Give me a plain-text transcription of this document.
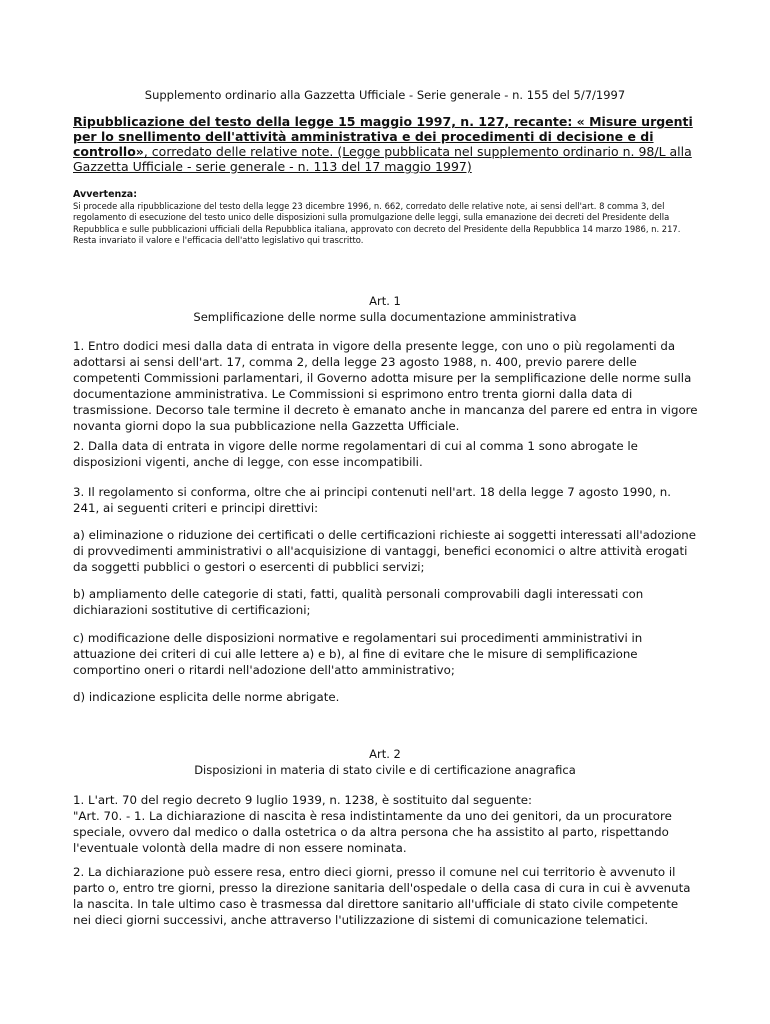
Supplemento ordinario alla Gazzetta Ufficiale - Serie generale - n. 155 del 5/7/1997
Ripubblicazione del testo della legge 15 maggio 1997, n. 127, recante: « Misure urgenti per lo snellimento dell'attività amministrativa e dei procedimenti di decisione e di controllo», corredato delle relative note. (Legge pubblicata nel supplemento ordinario n. 98/L alla Gazzetta Ufficiale - serie generale - n. 113 del 17 maggio 1997)
Avvertenza:
Si procede alla ripubblicazione del testo della legge 23 dicembre 1996, n. 662, corredato delle relative note, ai sensi dell'art. 8 comma 3, del regolamento di esecuzione del testo unico delle disposizioni sulla promulgazione delle leggi, sulla emanazione dei decreti del Presidente della Repubblica e sulle pubblicazioni ufficiali della Repubblica italiana, approvato con decreto del Presidente della Repubblica 14 marzo 1986, n. 217. Resta invariato il valore e l'efficacia dell'atto legislativo qui trascritto.
Art. 1
Semplificazione delle norme sulla documentazione amministrativa

1. Entro dodici mesi dalla data di entrata in vigore della presente legge, con uno o più regolamenti da adottarsi ai sensi dell'art. 17, comma 2, della legge 23 agosto 1988, n. 400, previo parere delle competenti Commissioni parlamentari, il Governo adotta misure per la semplificazione delle norme sulla documentazione amministrativa. Le Commissioni si esprimono entro trenta giorni dalla data di trasmissione. Decorso tale termine il decreto è emanato anche in mancanza del parere ed entra in vigore novanta giorni dopo la sua pubblicazione nella Gazzetta Ufficiale.

2. Dalla data di entrata in vigore delle norme regolamentari di cui al comma 1 sono abrogate le disposizioni vigenti, anche di legge, con esse incompatibili.

3. Il regolamento si conforma, oltre che ai principi contenuti nell'art. 18 della legge 7 agosto 1990, n. 241, ai seguenti criteri e principi direttivi:

a) eliminazione o riduzione dei certificati o delle certificazioni richieste ai soggetti interessati all'adozione di provvedimenti amministrativi o all'acquisizione di vantaggi, benefici economici o altre attività erogati da soggetti pubblici o gestori o esercenti di pubblici servizi;

b) ampliamento delle categorie di stati, fatti, qualità personali comprovabili dagli interessati con dichiarazioni sostitutive di certificazioni;

c) modificazione delle disposizioni normative e regolamentari sui procedimenti amministrativi in attuazione dei criteri di cui alle lettere a) e b), al fine di evitare che le misure di semplificazione comportino oneri o ritardi nell'adozione dell'atto amministrativo;

d) indicazione esplicita delle norme abrigate.

Art. 2
Disposizioni in materia di stato civile e di certificazione anagrafica

1. L'art. 70 del regio decreto 9 luglio 1939, n. 1238, è sostituito dal seguente:

"Art. 70. - 1. La dichiarazione di nascita è resa indistintamente da uno dei genitori, da un procuratore speciale, ovvero dal medico o dalla ostetrica o da altra persona che ha assistito al parto, rispettando l'eventuale volontà della madre di non essere nominata.

2. La dichiarazione può essere resa, entro dieci giorni, presso il comune nel cui territorio è avvenuto il parto o, entro tre giorni, presso la direzione sanitaria dell'ospedale o della casa di cura in cui è avvenuta la nascita. In tale ultimo caso è trasmessa dal direttore sanitario all'ufficiale di stato civile competente nei dieci giorni successivi, anche attraverso l'utilizzazione di sistemi di comunicazione telematici.
